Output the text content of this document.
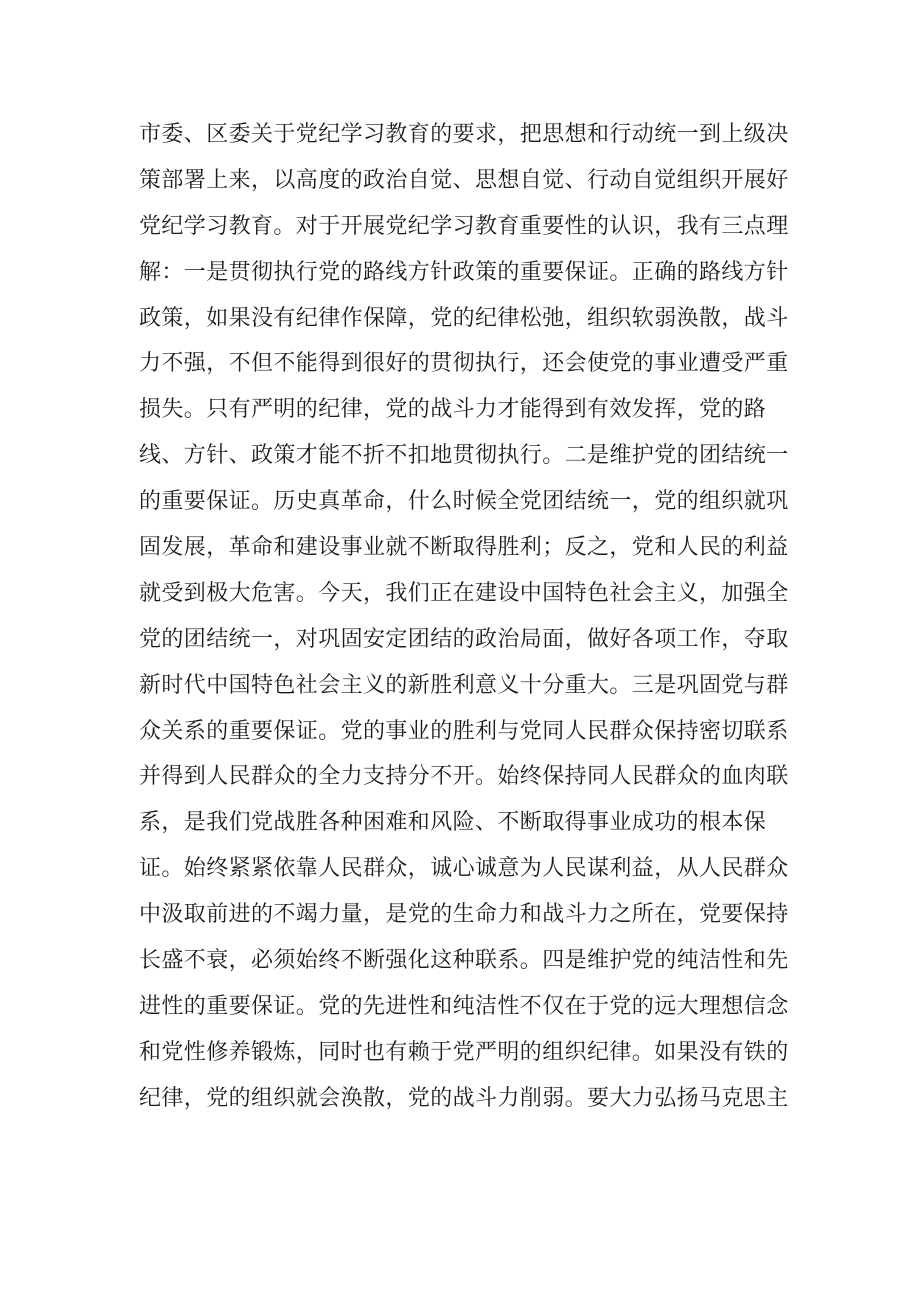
市委、区委关于党纪学习教育的要求，把思想和行动统一到上级决
策部署上来，以高度的政治自觉、思想自觉、行动自觉组织开展好
党纪学习教育。对于开展党纪学习教育重要性的认识，我有三点理
解：一是贯彻执行党的路线方针政策的重要保证。正确的路线方针
政策，如果没有纪律作保障，党的纪律松弛，组织软弱涣散，战斗
力不强，不但不能得到很好的贯彻执行，还会使党的事业遭受严重
损失。只有严明的纪律，党的战斗力才能得到有效发挥，党的路
线、方针、政策才能不折不扣地贯彻执行。二是维护党的团结统一
的重要保证。历史真革命，什么时候全党团结统一，党的组织就巩
固发展，革命和建设事业就不断取得胜利；反之，党和人民的利益
就受到极大危害。今天，我们正在建设中国特色社会主义，加强全
党的团结统一，对巩固安定团结的政治局面，做好各项工作，夺取
新时代中国特色社会主义的新胜利意义十分重大。三是巩固党与群
众关系的重要保证。党的事业的胜利与党同人民群众保持密切联系
并得到人民群众的全力支持分不开。始终保持同人民群众的血肉联
系，是我们党战胜各种困难和风险、不断取得事业成功的根本保
证。始终紧紧依靠人民群众，诚心诚意为人民谋利益，从人民群众
中汲取前进的不竭力量，是党的生命力和战斗力之所在，党要保持
长盛不衰，必须始终不断强化这种联系。四是维护党的纯洁性和先
进性的重要保证。党的先进性和纯洁性不仅在于党的远大理想信念
和党性修养锻炼，同时也有赖于党严明的组织纪律。如果没有铁的
纪律，党的组织就会涣散，党的战斗力削弱。要大力弘扬马克思主
